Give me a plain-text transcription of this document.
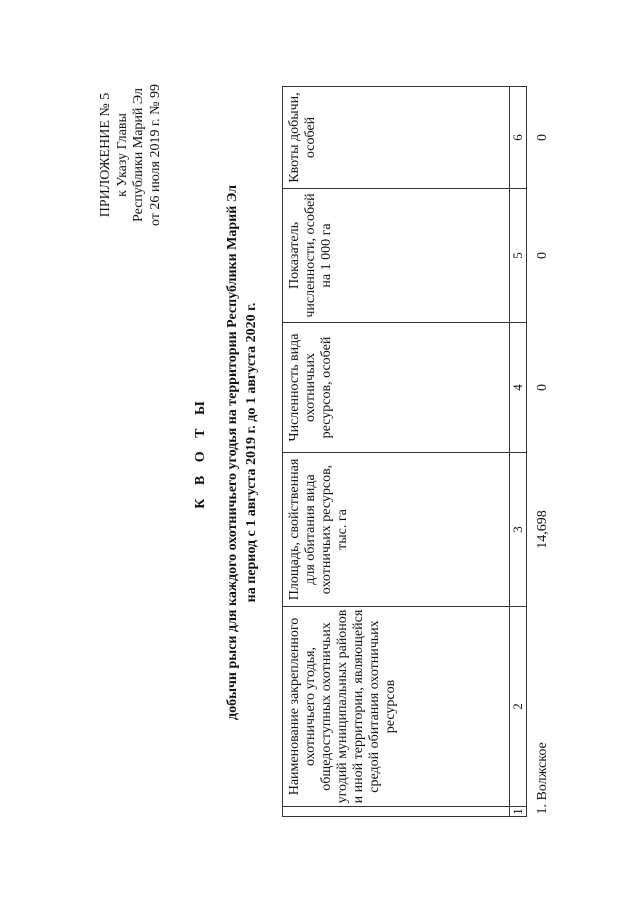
ПРИЛОЖЕНИЕ № 5 к Указу Главы Республики Марий Эл от 26 июля 2019 г. № 99
К В О Т Ы добычи рыси для каждого охотничьего угодья на территории Республики Марий Эл на период с 1 августа 2019 г. до 1 августа 2020 г.
	Наименование закрепленного охотничьего угодья, общедоступных охотничьих угодий муниципальных районов и иной территории, являющейся средой обитания охотничьих ресурсов	Площадь, свойственная для обитания вида охотничьих ресурсов, тыс. га	Численность вида охотничьих ресурсов, особей	Показатель численности, особей на 1 000 га	Квоты добычи, особей
1	2	3	4	5	6
1. Волжское		14,698	0	0	0
